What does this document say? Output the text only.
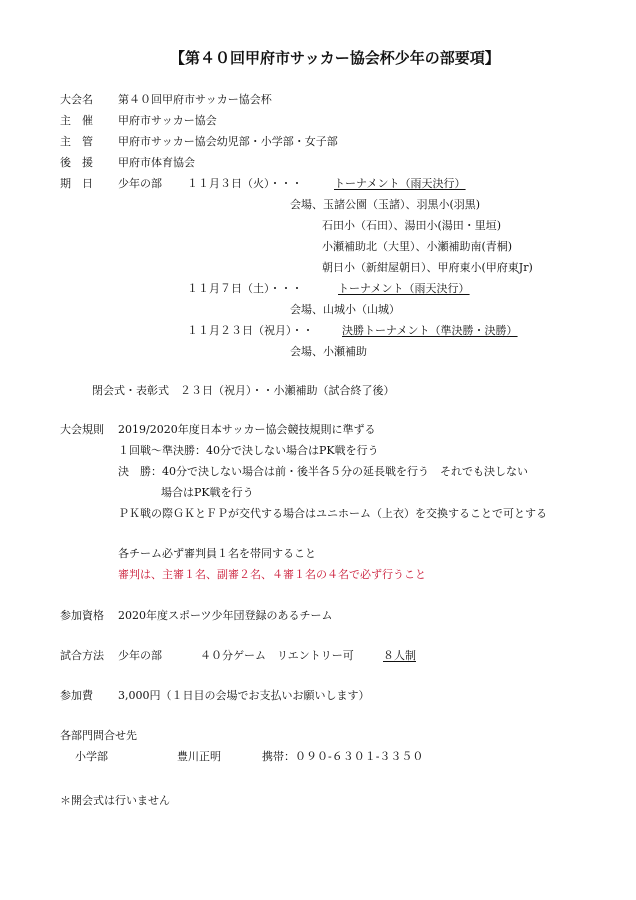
【第４０回甲府市サッカー協会杯少年の部要項】
大会名 第４０回甲府市サッカー協会杯
主　催 甲府市サッカー協会
主　管 甲府市サッカー協会幼児部・小学部・女子部
後　援 甲府市体育協会
期　日 少年の部 １１月３日（火）・・・	トーナメント（雨天決行）
会場、玉諸公園（玉諸）、羽黒小(羽黒)
石田小（石田）、湯田小(湯田・里垣)
小瀬補助北（大里）、小瀬補助南(青桐)
朝日小（新紺屋朝日）、甲府東小(甲府東Jr)
１１月７日（土）・・・	トーナメント（雨天決行）
会場、山城小（山城）
１１月２３日（祝月）・・	決勝トーナメント（準決勝・決勝）
会場、小瀬補助
閉会式・表彰式　２３日（祝月）・・小瀬補助（試合終了後）
大会規則 2019/2020年度日本サッカー協会競技規則に準ずる
１回戦～準決勝：40分で決しない場合はPK戦を行う
決　勝：40分で決しない場合は前・後半各５分の延長戦を行う　それでも決しない
場合はPK戦を行う
ＰＫ戦の際ＧＫとＦＰが交代する場合はユニホーム（上衣）を交換することで可とする
各チーム必ず審判員１名を帯同すること
審判は、主審１名、副審２名、４審１名の４名で必ず行うこと
参加資格 2020年度スポーツ少年団登録のあるチーム
試合方法 少年の部	４０分ゲーム　リエントリー可	８人制
参加費 3,000円（１日目の会場でお支払いお願いします）
各部門問合せ先
小学部	豊川正明	携帯：０９０-６３０１-３３５０
＊開会式は行いません
